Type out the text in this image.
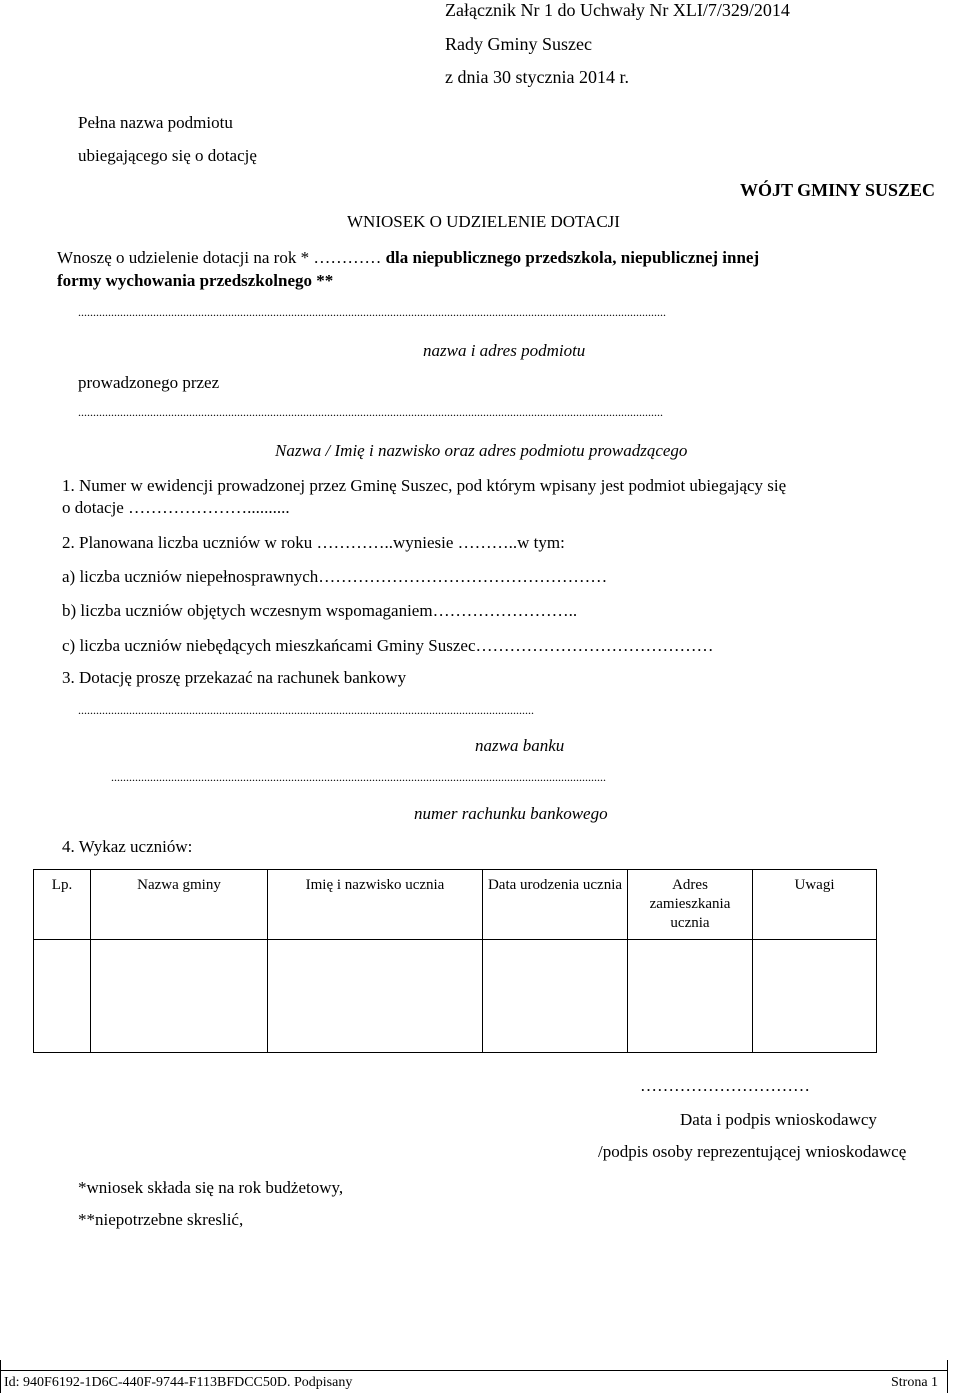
Załącznik Nr 1 do Uchwały Nr XLI/7/329/2014
Rady Gminy Suszec
z dnia 30 stycznia 2014 r.
Pełna nazwa podmiotu
ubiegającego się o dotację
WÓJT GMINY SUSZEC
WNIOSEK O UDZIELENIE DOTACJI
Wnoszę o udzielenie dotacji na rok * ………… dla niepublicznego przedszkola, niepublicznej innej
formy wychowania przedszkolnego **
....................................................................................................................................................................................................
nazwa i adres podmiotu
prowadzonego przez
...................................................................................................................................................................................................
Nazwa / Imię i nazwisko oraz adres podmiotu prowadzącego
1. Numer w ewidencji prowadzonej przez Gminę Suszec, pod którym wpisany jest podmiot ubiegający się
o dotacje …………………..........
2. Planowana liczba uczniów w roku …………..wyniesie ………..w tym:
a) liczba uczniów niepełnosprawnych……………………………………………
b) liczba uczniów objętych wczesnym wspomaganiem……………………..
c) liczba uczniów niebędących mieszkańcami Gminy Suszec……………………………………
3. Dotację proszę przekazać na rachunek bankowy
........................................................................................................................................................
nazwa banku
.....................................................................................................................................................................
numer rachunku bankowego
4. Wykaz uczniów:
Lp.	Nazwa gminy	Imię i nazwisko ucznia	Data urodzenia ucznia	Adres zamieszkania ucznia	Uwagi

…………………………
Data i podpis wnioskodawcy
/podpis osoby reprezentującej wnioskodawcę
*wniosek składa się na rok budżetowy,
**niepotrzebne skreslić,
Id: 940F6192-1D6C-440F-9744-F113BFDCC50D. Podpisany	Strona 1
